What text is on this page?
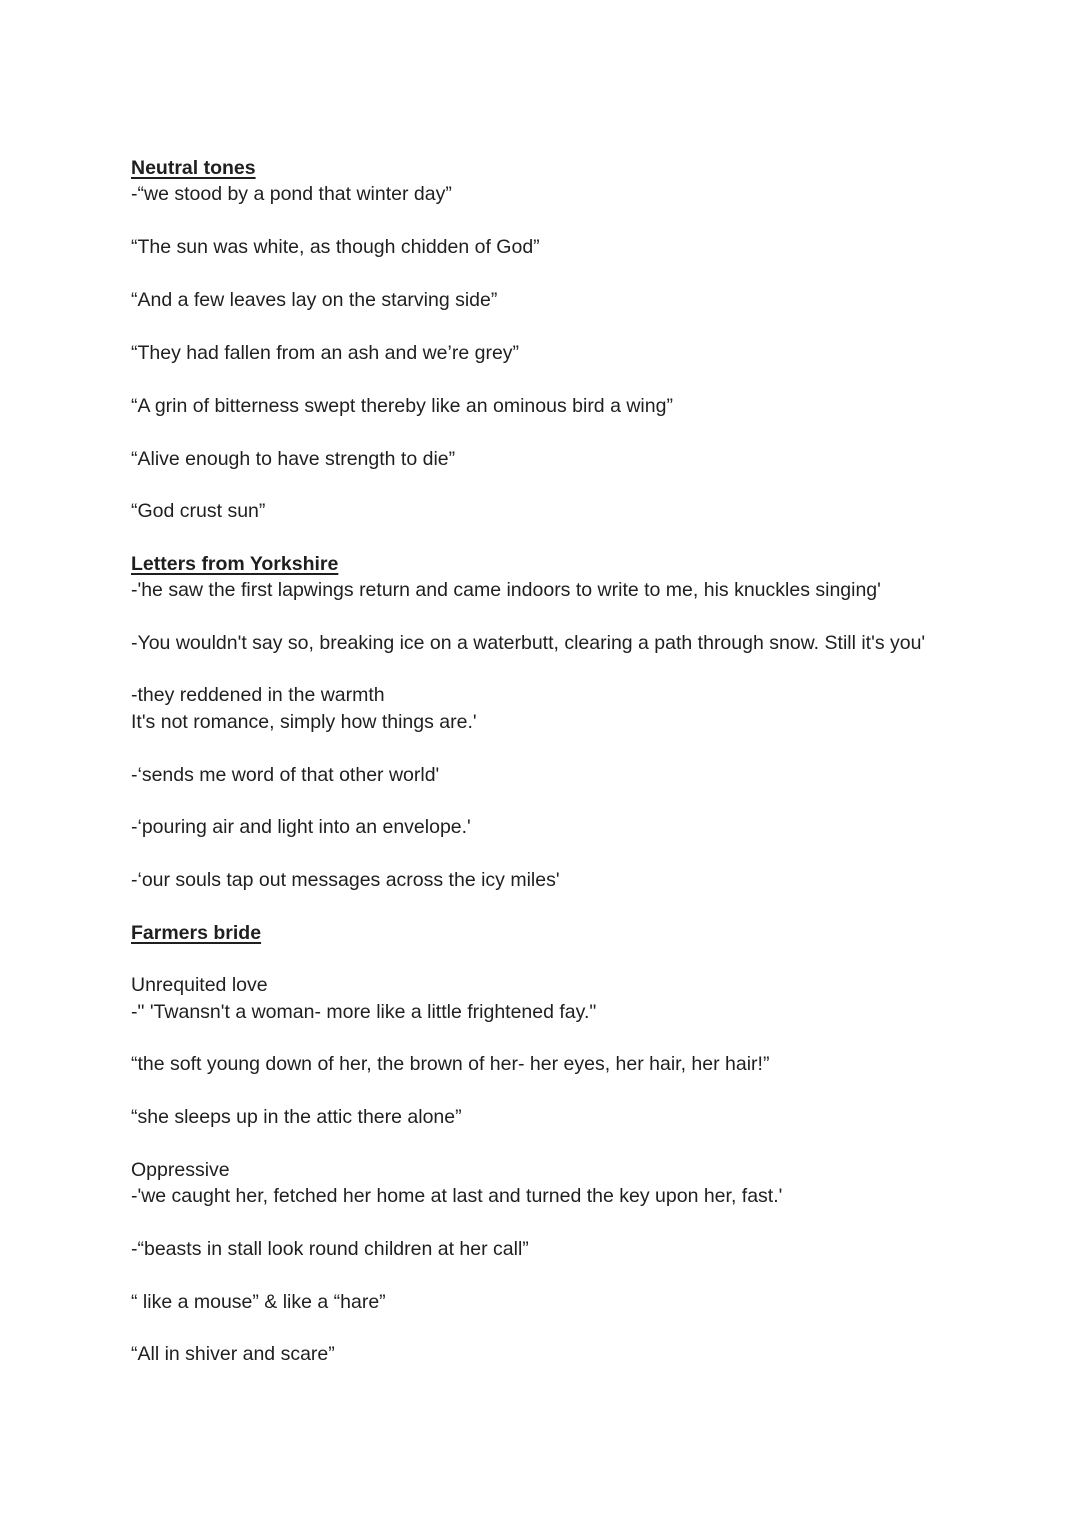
Neutral tones
-“we stood by a pond that winter day”
“The sun was white, as though chidden of God”
“And a few leaves lay on the starving side”
“They had fallen from an ash and we’re grey”
“A grin of bitterness swept thereby like an ominous bird a wing”
“Alive enough to have strength to die”
“God crust sun”
Letters from Yorkshire
-'he saw the first lapwings return and came indoors to write to me, his knuckles singing'
-You wouldn't say so, breaking ice on a waterbutt, clearing a path through snow. Still it's you'
-they reddened in the warmth
It's not romance, simply how things are.'
-‘sends me word of that other world'
-‘pouring air and light into an envelope.'
-‘our souls tap out messages across the icy miles'
Farmers bride
Unrequited love
-" 'Twansn't a woman- more like a little frightened fay."
“the soft young down of her, the brown of her- her eyes, her hair, her hair!”
“she sleeps up in the attic there alone”
Oppressive
-'we caught her, fetched her home at last and turned the key upon her, fast.'
-“beasts in stall look round children at her call”
“ like a mouse” & like a “hare”
“All in shiver and scare”
